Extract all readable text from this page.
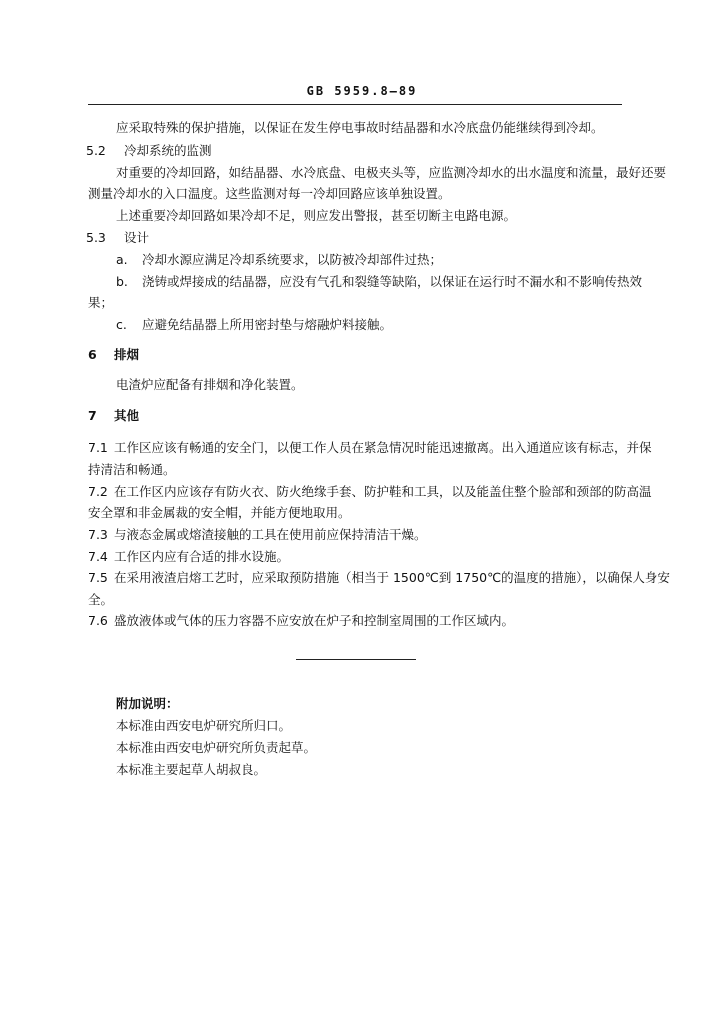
GB 5959.8—89
应采取特殊的保护措施，以保证在发生停电事故时结晶器和水冷底盘仍能继续得到冷却。
5.2 冷却系统的监测
对重要的冷却回路，如结晶器、水冷底盘、电极夹头等，应监测冷却水的出水温度和流量，最好还要
测量冷却水的入口温度。这些监测对每一冷却回路应该单独设置。
上述重要冷却回路如果冷却不足，则应发出警报，甚至切断主电路电源。
5.3 设计
a. 冷却水源应满足冷却系统要求，以防被冷却部件过热；
b. 浇铸或焊接成的结晶器，应没有气孔和裂缝等缺陷，以保证在运行时不漏水和不影响传热效
果；
c. 应避免结晶器上所用密封垫与熔融炉料接触。
6 排烟
电渣炉应配备有排烟和净化装置。
7 其他
7.1 工作区应该有畅通的安全门，以便工作人员在紧急情况时能迅速撤离。出入通道应该有标志，并保
持清洁和畅通。
7.2 在工作区内应该存有防火衣、防火绝缘手套、防护鞋和工具，以及能盖住整个脸部和颈部的防高温
安全罩和非金属裁的安全帽，并能方便地取用。
7.3 与液态金属或熔渣接触的工具在使用前应保持清洁干燥。
7.4 工作区内应有合适的排水设施。
7.5 在采用液渣启熔工艺时，应采取预防措施（相当于 1500℃到 1750℃的温度的措施），以确保人身安
全。
7.6 盛放液体或气体的压力容器不应安放在炉子和控制室周围的工作区域内。
附加说明：
本标准由西安电炉研究所归口。
本标准由西安电炉研究所负责起草。
本标准主要起草人胡叔良。
